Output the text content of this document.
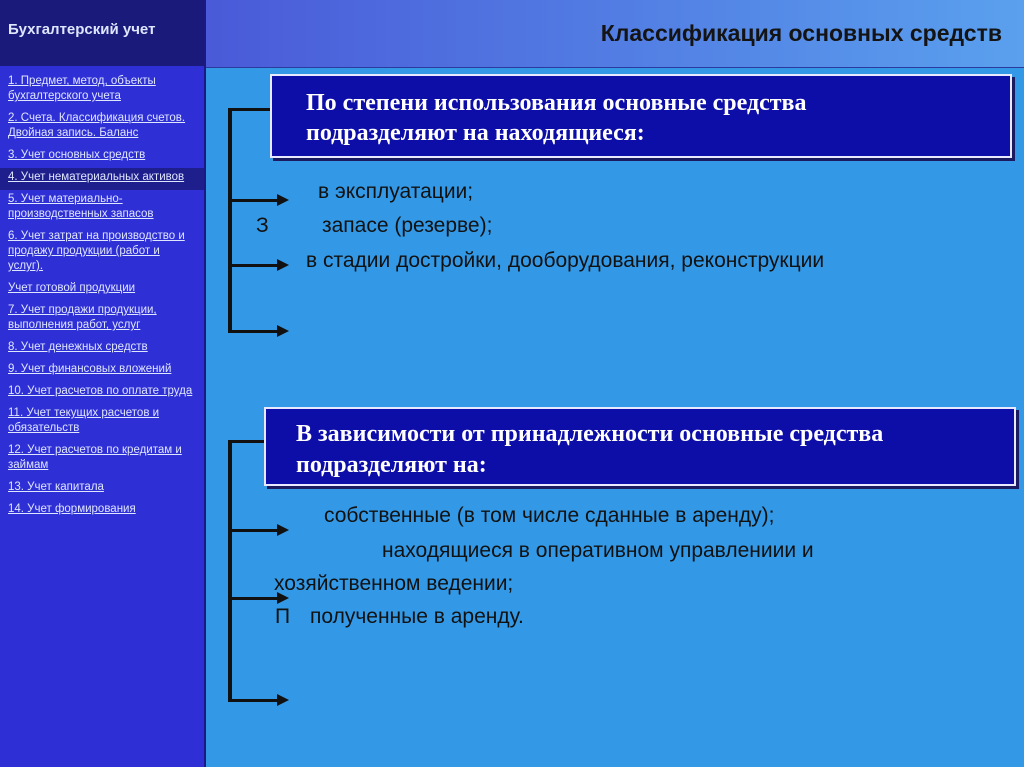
Бухгалтерский учет
1. Предмет, метод, объекты бухгалтерского учета
2. Счета. Классификация счетов. Двойная запись. Баланс
3. Учет основных средств
4. Учет нематериальных активов
5. Учет материально-производственных запасов
6. Учет затрат на производство и продажу продукции (работ и услуг).
Учет готовой продукции
7. Учет продажи продукции, выполнения работ, услуг
8. Учет денежных средств
9. Учет финансовых вложений
10. Учет расчетов по оплате труда
11. Учет текущих расчетов и обязательств
12. Учет расчетов по кредитам и займам
13. Учет капитала
14. Учет формирования
Классификация основных средств
По степени использования основные средства
подразделяют на находящиеся:
в эксплуатации;
З	запасе (резерве);
в стадии достройки, дооборудования, реконструкции
В зависимости от принадлежности основные средства
подразделяют на:
собственные (в том числе сданные в аренду);
находящиеся в оперативном управлениии и
хозяйственном ведении;
П полученные в аренду.
